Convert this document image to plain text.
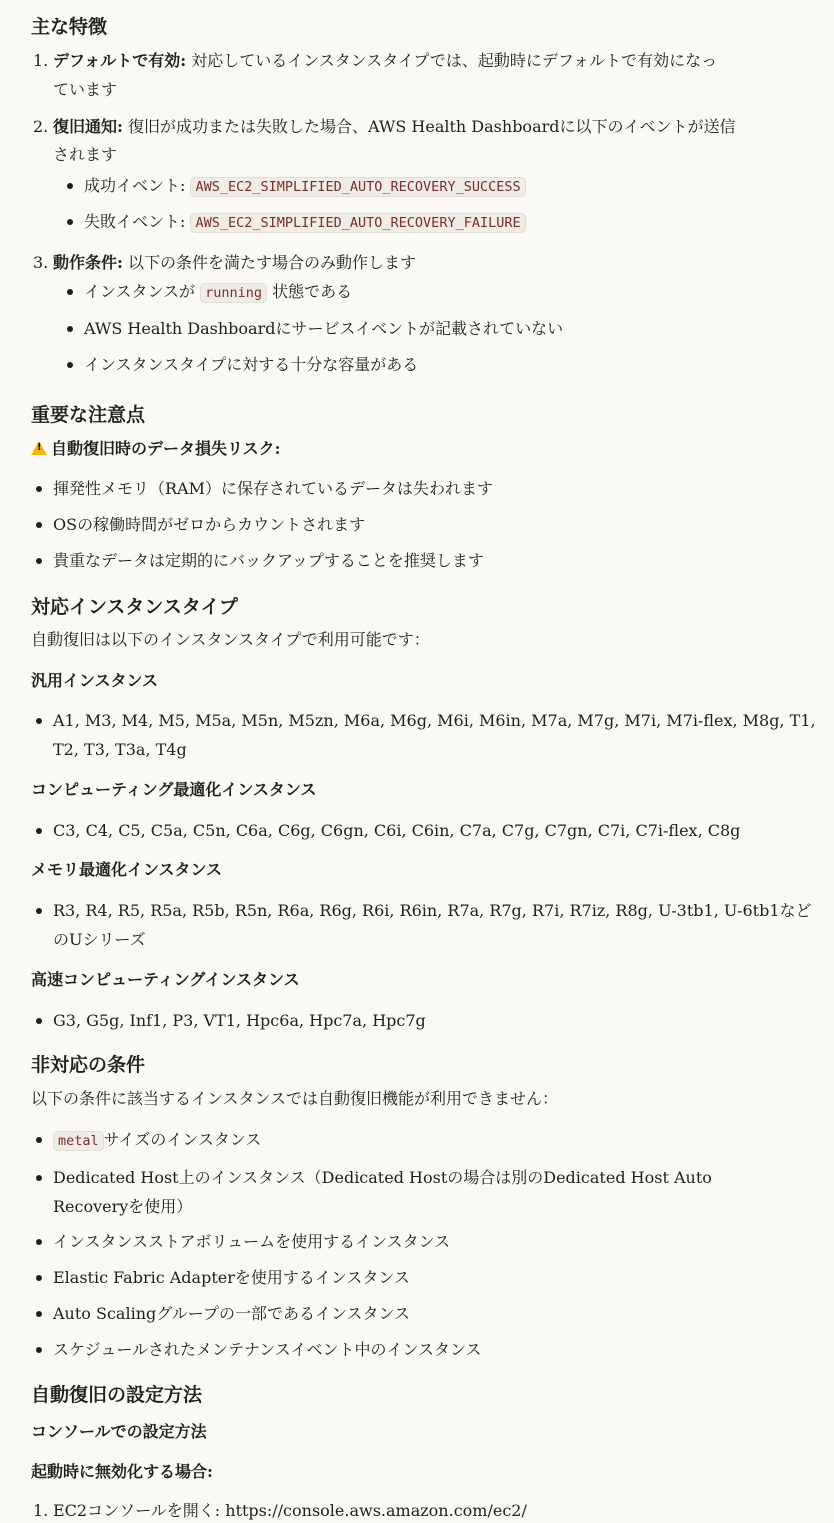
主な特徴
1. デフォルトで有効: 対応しているインスタンスタイプでは、起動時にデフォルトで有効になっ
ています
2. 復旧通知: 復旧が成功または失敗した場合、AWS Health Dashboardに以下のイベントが送信
されます
成功イベント: AWS_EC2_SIMPLIFIED_AUTO_RECOVERY_SUCCESS
失敗イベント: AWS_EC2_SIMPLIFIED_AUTO_RECOVERY_FAILURE
3. 動作条件: 以下の条件を満たす場合のみ動作します
インスタンスが running 状態である
AWS Health Dashboardにサービスイベントが記載されていない
インスタンスタイプに対する十分な容量がある
重要な注意点
!自動復旧時のデータ損失リスク:
揮発性メモリ（RAM）に保存されているデータは失われます
OSの稼働時間がゼロからカウントされます
貴重なデータは定期的にバックアップすることを推奨します
対応インスタンスタイプ
自動復旧は以下のインスタンスタイプで利用可能です：
汎用インスタンス
A1, M3, M4, M5, M5a, M5n, M5zn, M6a, M6g, M6i, M6in, M7a, M7g, M7i, M7i-flex, M8g, T1,
T2, T3, T3a, T4g
コンピューティング最適化インスタンス
C3, C4, C5, C5a, C5n, C6a, C6g, C6gn, C6i, C6in, C7a, C7g, C7gn, C7i, C7i-flex, C8g
メモリ最適化インスタンス
R3, R4, R5, R5a, R5b, R5n, R6a, R6g, R6i, R6in, R7a, R7g, R7i, R7iz, R8g, U-3tb1, U-6tb1など
のUシリーズ
高速コンピューティングインスタンス
G3, G5g, Inf1, P3, VT1, Hpc6a, Hpc7a, Hpc7g
非対応の条件
以下の条件に該当するインスタンスでは自動復旧機能が利用できません：
metal サイズのインスタンス
Dedicated Host上のインスタンス（Dedicated Hostの場合は別のDedicated Host Auto
Recoveryを使用）
インスタンスストアボリュームを使用するインスタンス
Elastic Fabric Adapterを使用するインスタンス
Auto Scalingグループの一部であるインスタンス
スケジュールされたメンテナンスイベント中のインスタンス
自動復旧の設定方法
コンソールでの設定方法
起動時に無効化する場合:
1. EC2コンソールを開く: https://console.aws.amazon.com/ec2/
